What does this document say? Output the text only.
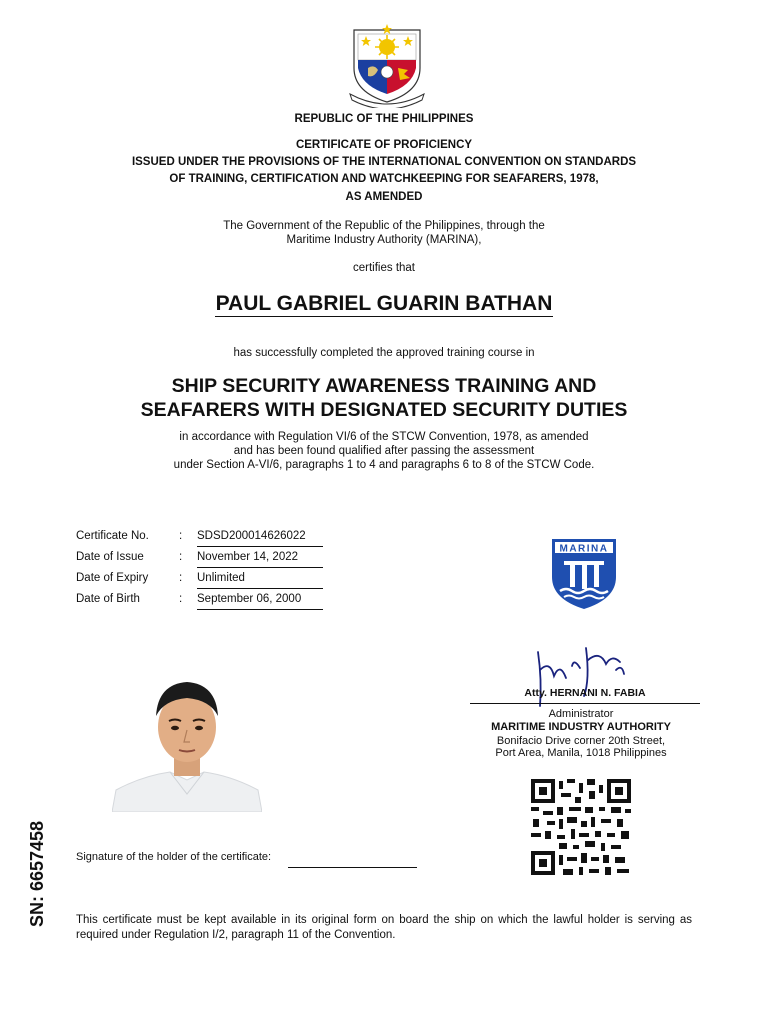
REPUBLIC OF THE PHILIPPINES
CERTIFICATE OF PROFICIENCY
ISSUED UNDER THE PROVISIONS OF THE INTERNATIONAL CONVENTION ON STANDARDS
OF TRAINING, CERTIFICATION AND WATCHKEEPING FOR SEAFARERS, 1978,
AS AMENDED
The Government of the Republic of the Philippines, through the
Maritime Industry Authority (MARINA),
certifies that
PAUL GABRIEL GUARIN BATHAN
has successfully completed the approved training course in
SHIP SECURITY AWARENESS TRAINING AND
SEAFARERS WITH DESIGNATED SECURITY DUTIES
in accordance with Regulation VI/6 of the STCW Convention, 1978, as amended
and has been found qualified after passing the assessment
under Section A-VI/6, paragraphs 1 to 4 and paragraphs 6 to 8 of the STCW Code.
Certificate No.	: SDSD200014626022
Date of Issue	: November 14, 2022
Date of Expiry	: Unlimited
Date of Birth	: September 06, 2000
MARINA
Atty. HERNANI N. FABIA
Administrator
MARITIME INDUSTRY AUTHORITY
Bonifacio Drive corner 20th Street,
Port Area, Manila, 1018 Philippines
Signature of the holder of the certificate:
This certificate must be kept available in its original form on board the ship on which the lawful holder is serving as required under Regulation I/2, paragraph 11 of the Convention.
SN: 6657458
